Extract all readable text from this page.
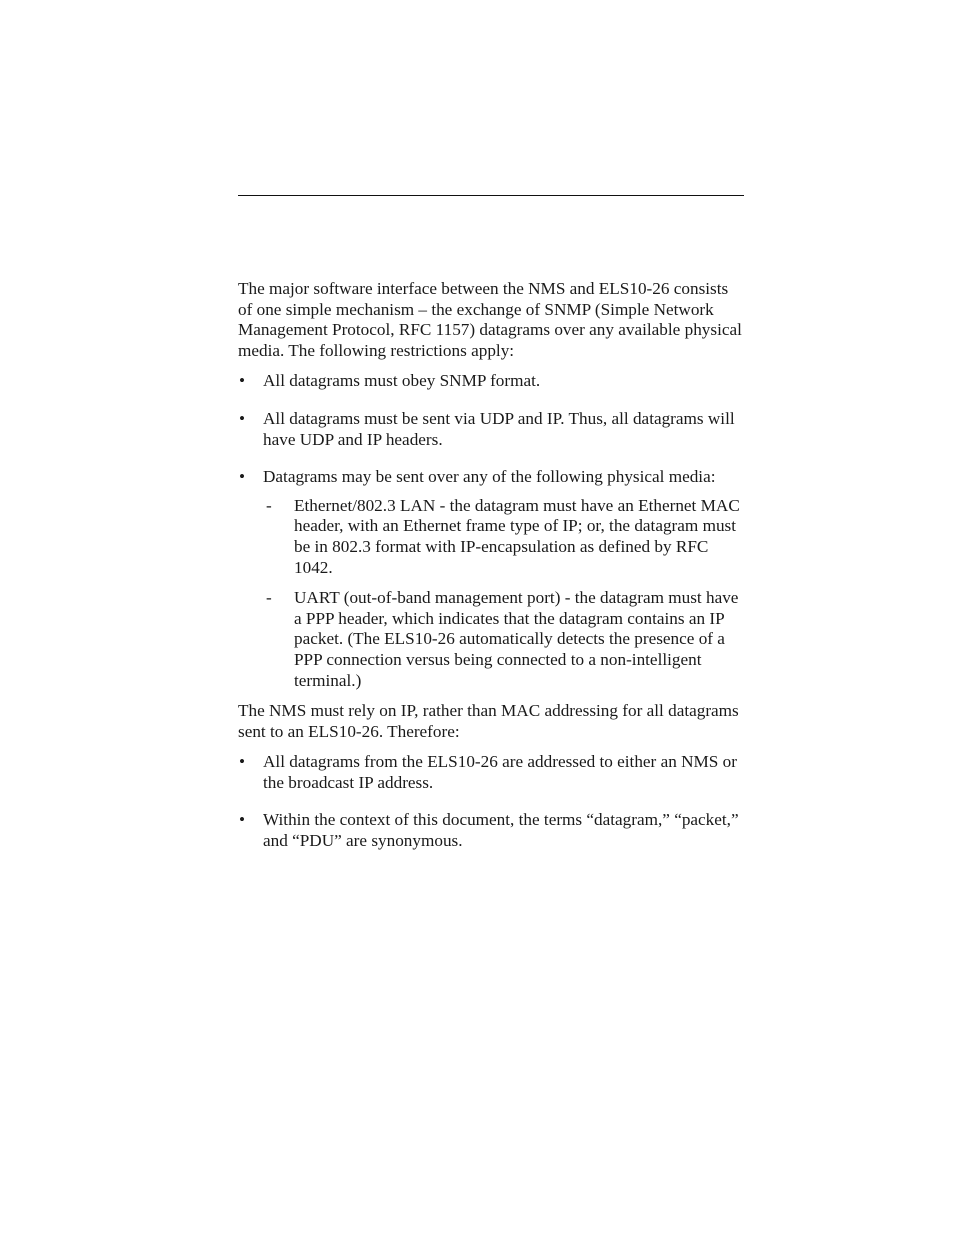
The major software interface between the NMS and ELS10-26 consists of one simple mechanism – the exchange of SNMP (Simple Network Management Protocol, RFC 1157) datagrams over any available physical media. The following restrictions apply:

• All datagrams must obey SNMP format.
• All datagrams must be sent via UDP and IP. Thus, all datagrams will have UDP and IP headers.
• Datagrams may be sent over any of the following physical media:
- Ethernet/802.3 LAN - the datagram must have an Ethernet MAC header, with an Ethernet frame type of IP; or, the datagram must be in 802.3 format with IP-encapsulation as defined by RFC 1042.
- UART (out-of-band management port) - the datagram must have a PPP header, which indicates that the datagram contains an IP packet. (The ELS10-26 automatically detects the presence of a PPP connection versus being connected to a non-intelligent terminal.)

The NMS must rely on IP, rather than MAC addressing for all datagrams sent to an ELS10-26. Therefore:

• All datagrams from the ELS10-26 are addressed to either an NMS or the broadcast IP address.
• Within the context of this document, the terms “datagram,” “packet,” and “PDU” are synonymous.
